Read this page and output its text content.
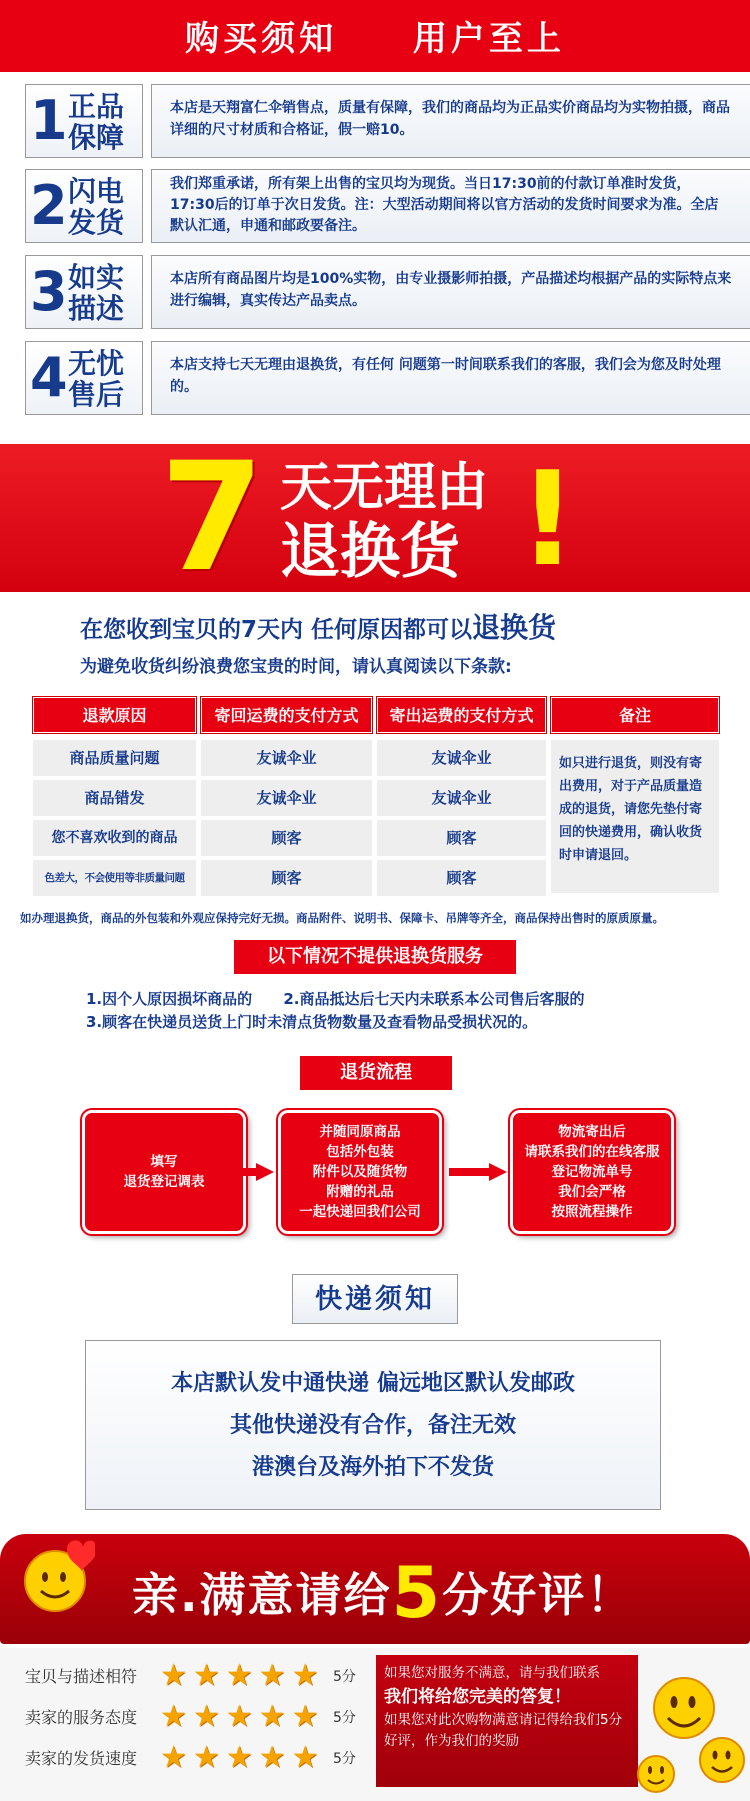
购买须知 用户至上
1 正品保障
本店是天翔富仁伞销售点，质量有保障，我们的商品均为正品实价商品均为实物拍摄，商品详细的尺寸材质和合格证，假一赔10。
2 闪电发货
我们郑重承诺，所有架上出售的宝贝均为现货。当日17:30前的付款订单准时发货，17:30后的订单于次日发货。注：大型活动期间将以官方活动的发货时间要求为准。全店默认汇通，申通和邮政要备注。
3 如实描述
本店所有商品图片均是100%实物，由专业摄影师拍摄，产品描述均根据产品的实际特点来进行编辑，真实传达产品卖点。
4 无忧售后
本店支持七天无理由退换货，有任何 问题第一时间联系我们的客服，我们会为您及时处理的。
7 天无理由
退换货 !
在您收到宝贝的7天内 任何原因都可以退换货
为避免收货纠纷浪费您宝贵的时间，请认真阅读以下条款:
退款原因	寄回运费的支付方式	寄出运费的支付方式	备注
商品质量问题	友诚伞业	友诚伞业
商品错发	友诚伞业	友诚伞业
您不喜欢收到的商品	顾客	顾客
色差大，不会使用等非质量问题	顾客	顾客
如只进行退货，则没有寄出费用，对于产品质量造成的退货，请您先垫付寄回的快递费用，确认收货时申请退回。
如办理退换货，商品的外包装和外观应保持完好无损。商品附件、说明书、保障卡、吊牌等齐全，商品保持出售时的原质原量。
以下情况不提供退换货服务
1.因个人原因损坏商品的 2.商品抵达后七天内未联系本公司售后客服的
3.顾客在快递员送货上门时未清点货物数量及查看物品受损状况的。
退货流程
填写
退货登记调表
并随同原商品
包括外包装
附件以及随货物
附赠的礼品
一起快递回我们公司
物流寄出后
请联系我们的在线客服
登记物流单号
我们会严格
按照流程操作
快递须知
本店默认发中通快递 偏远地区默认发邮政
其他快递没有合作，备注无效
港澳台及海外拍下不发货
亲.满意请给5分好评！
宝贝与描述相符 ★★★★★ 5分
卖家的服务态度 ★★★★★ 5分
卖家的发货速度 ★★★★★ 5分
如果您对服务不满意，请与我们联系
我们将给您完美的答复！
如果您对此次购物满意请记得给我们5分好评，作为我们的奖励
